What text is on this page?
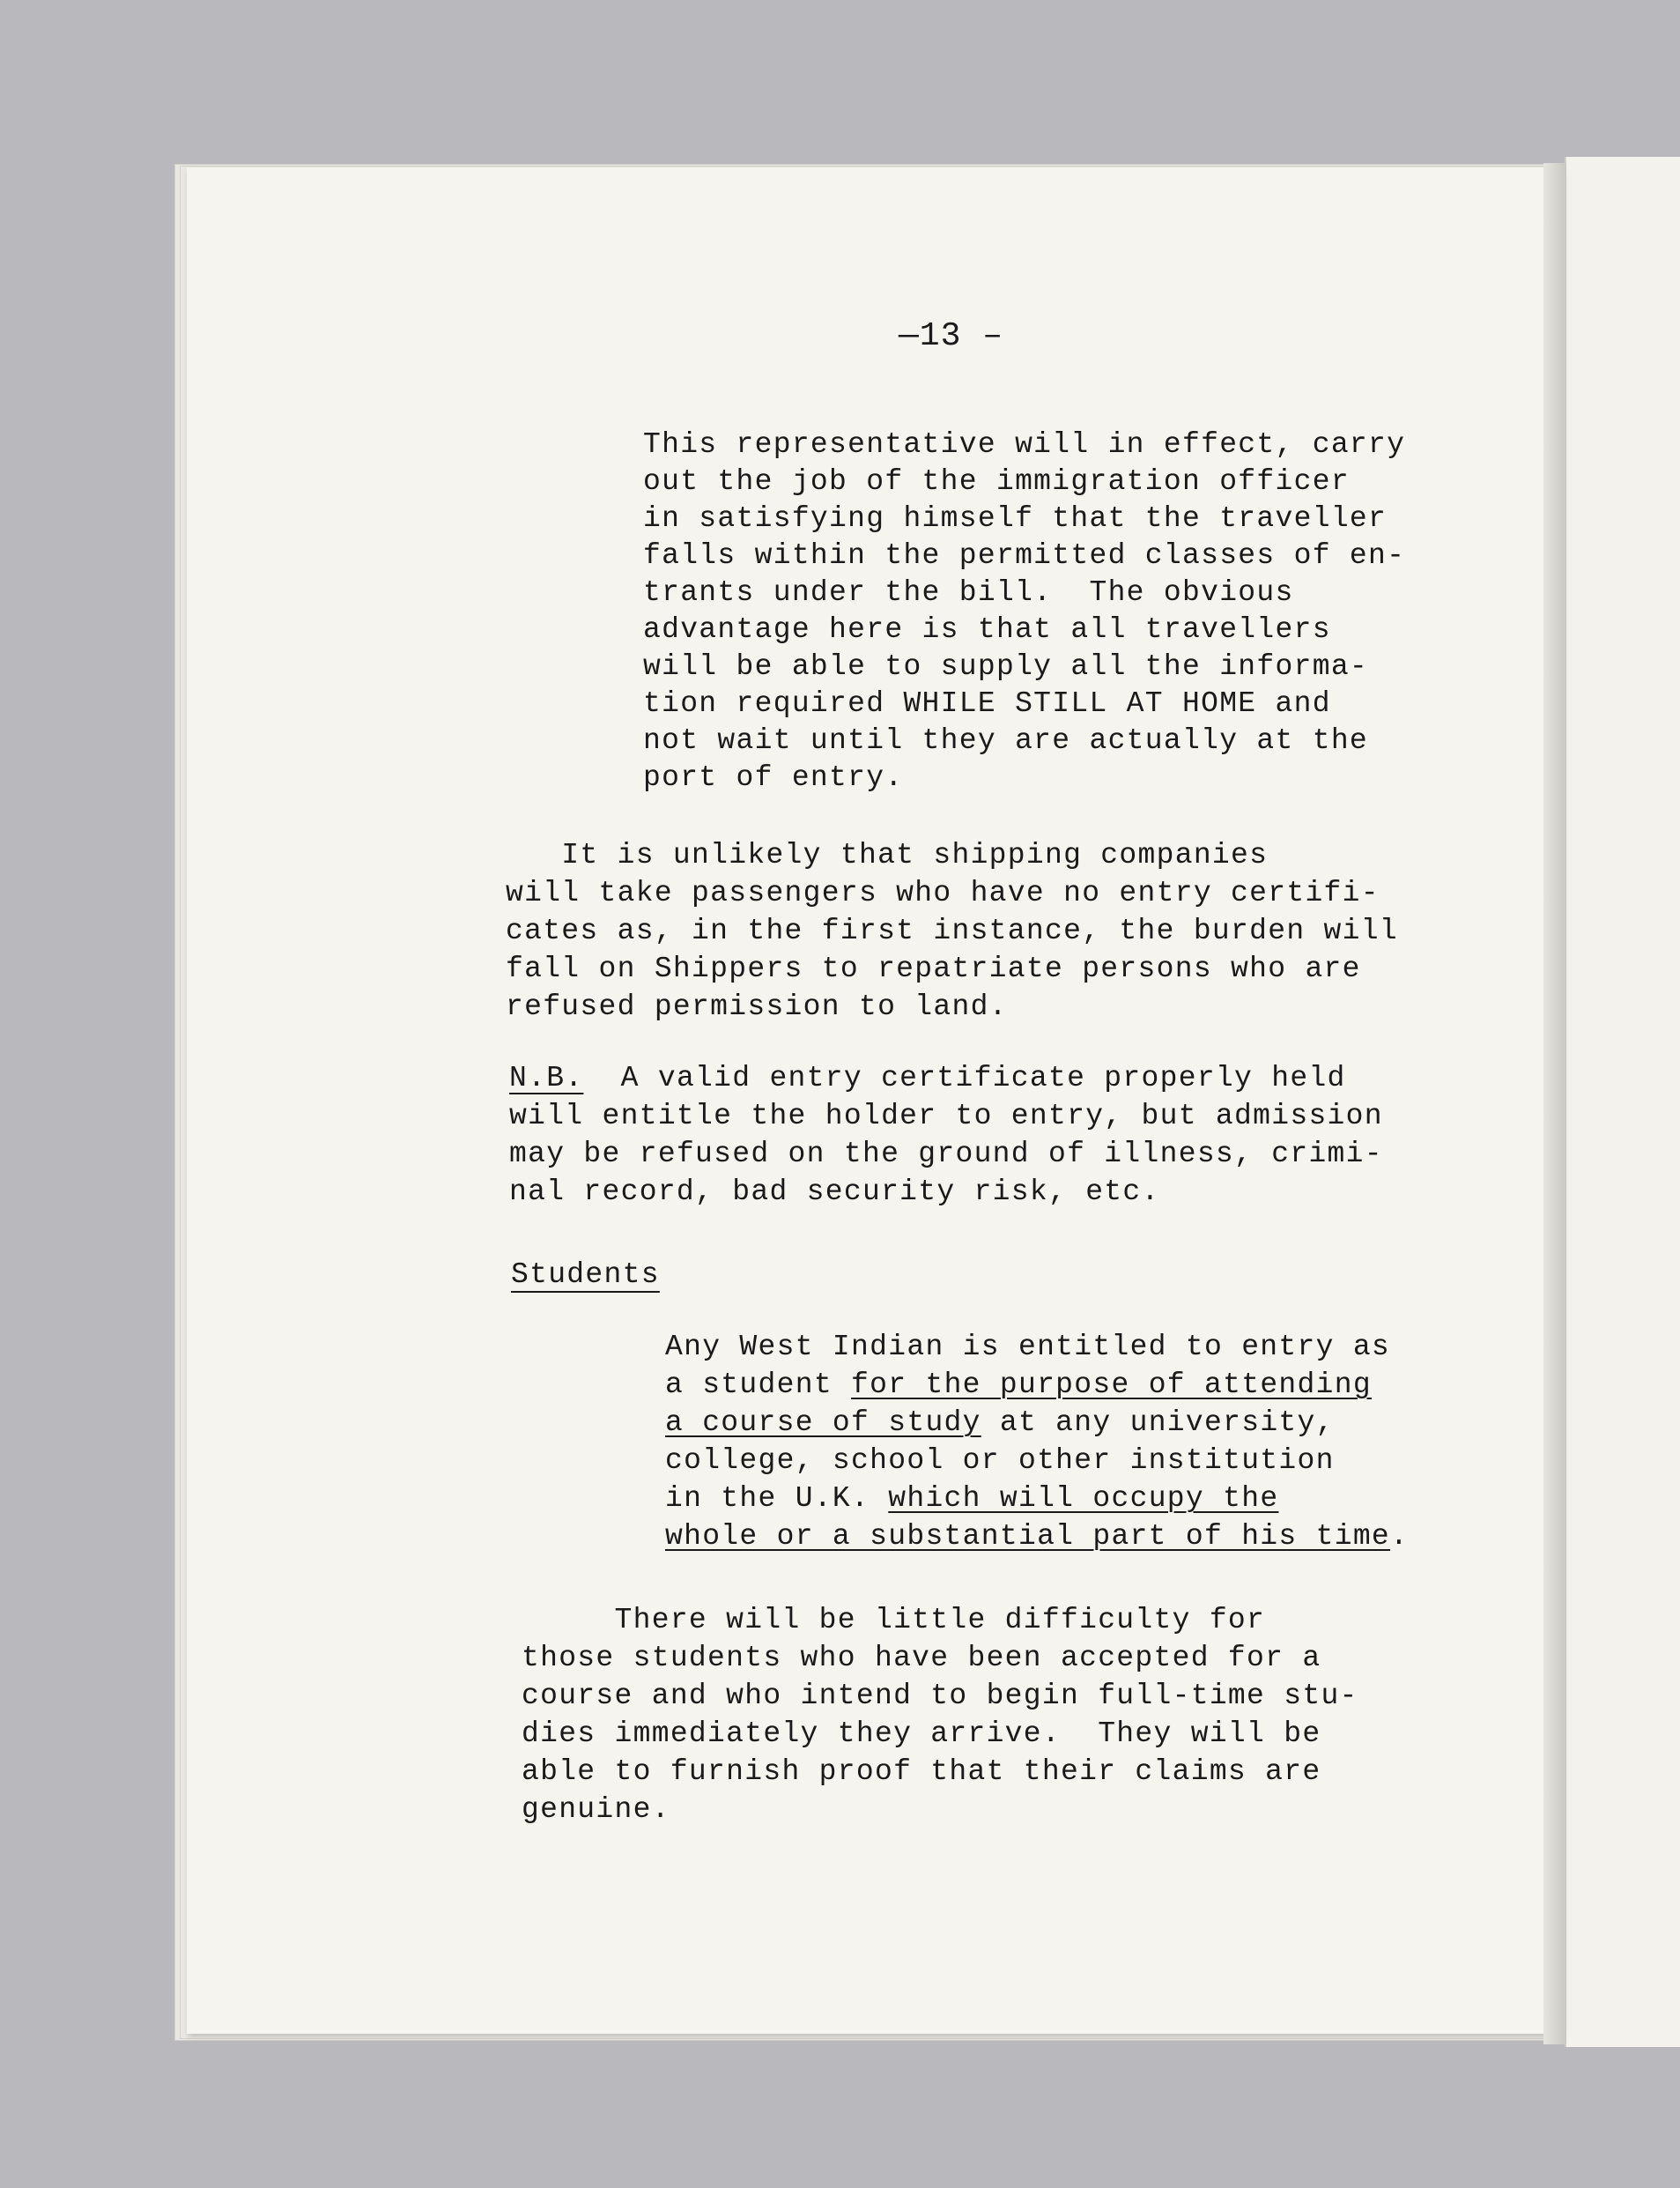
—13 –
This representative will in effect, carry
out the job of the immigration officer
in satisfying himself that the traveller
falls within the permitted classes of en-
trants under the bill.  The obvious
advantage here is that all travellers
will be able to supply all the informa-
tion required WHILE STILL AT HOME and
not wait until they are actually at the
port of entry.
It is unlikely that shipping companies
will take passengers who have no entry certifi-
cates as, in the first instance, the burden will
fall on Shippers to repatriate persons who are
refused permission to land.
N.B.  A valid entry certificate properly held
will entitle the holder to entry, but admission
may be refused on the ground of illness, crimi-
nal record, bad security risk, etc.
Students
Any West Indian is entitled to entry as
a student for the purpose of attending
a course of study at any university,
college, school or other institution
in the U.K. which will occupy the
whole or a substantial part of his time.
There will be little difficulty for
those students who have been accepted for a
course and who intend to begin full-time stu-
dies immediately they arrive.  They will be
able to furnish proof that their claims are
genuine.
